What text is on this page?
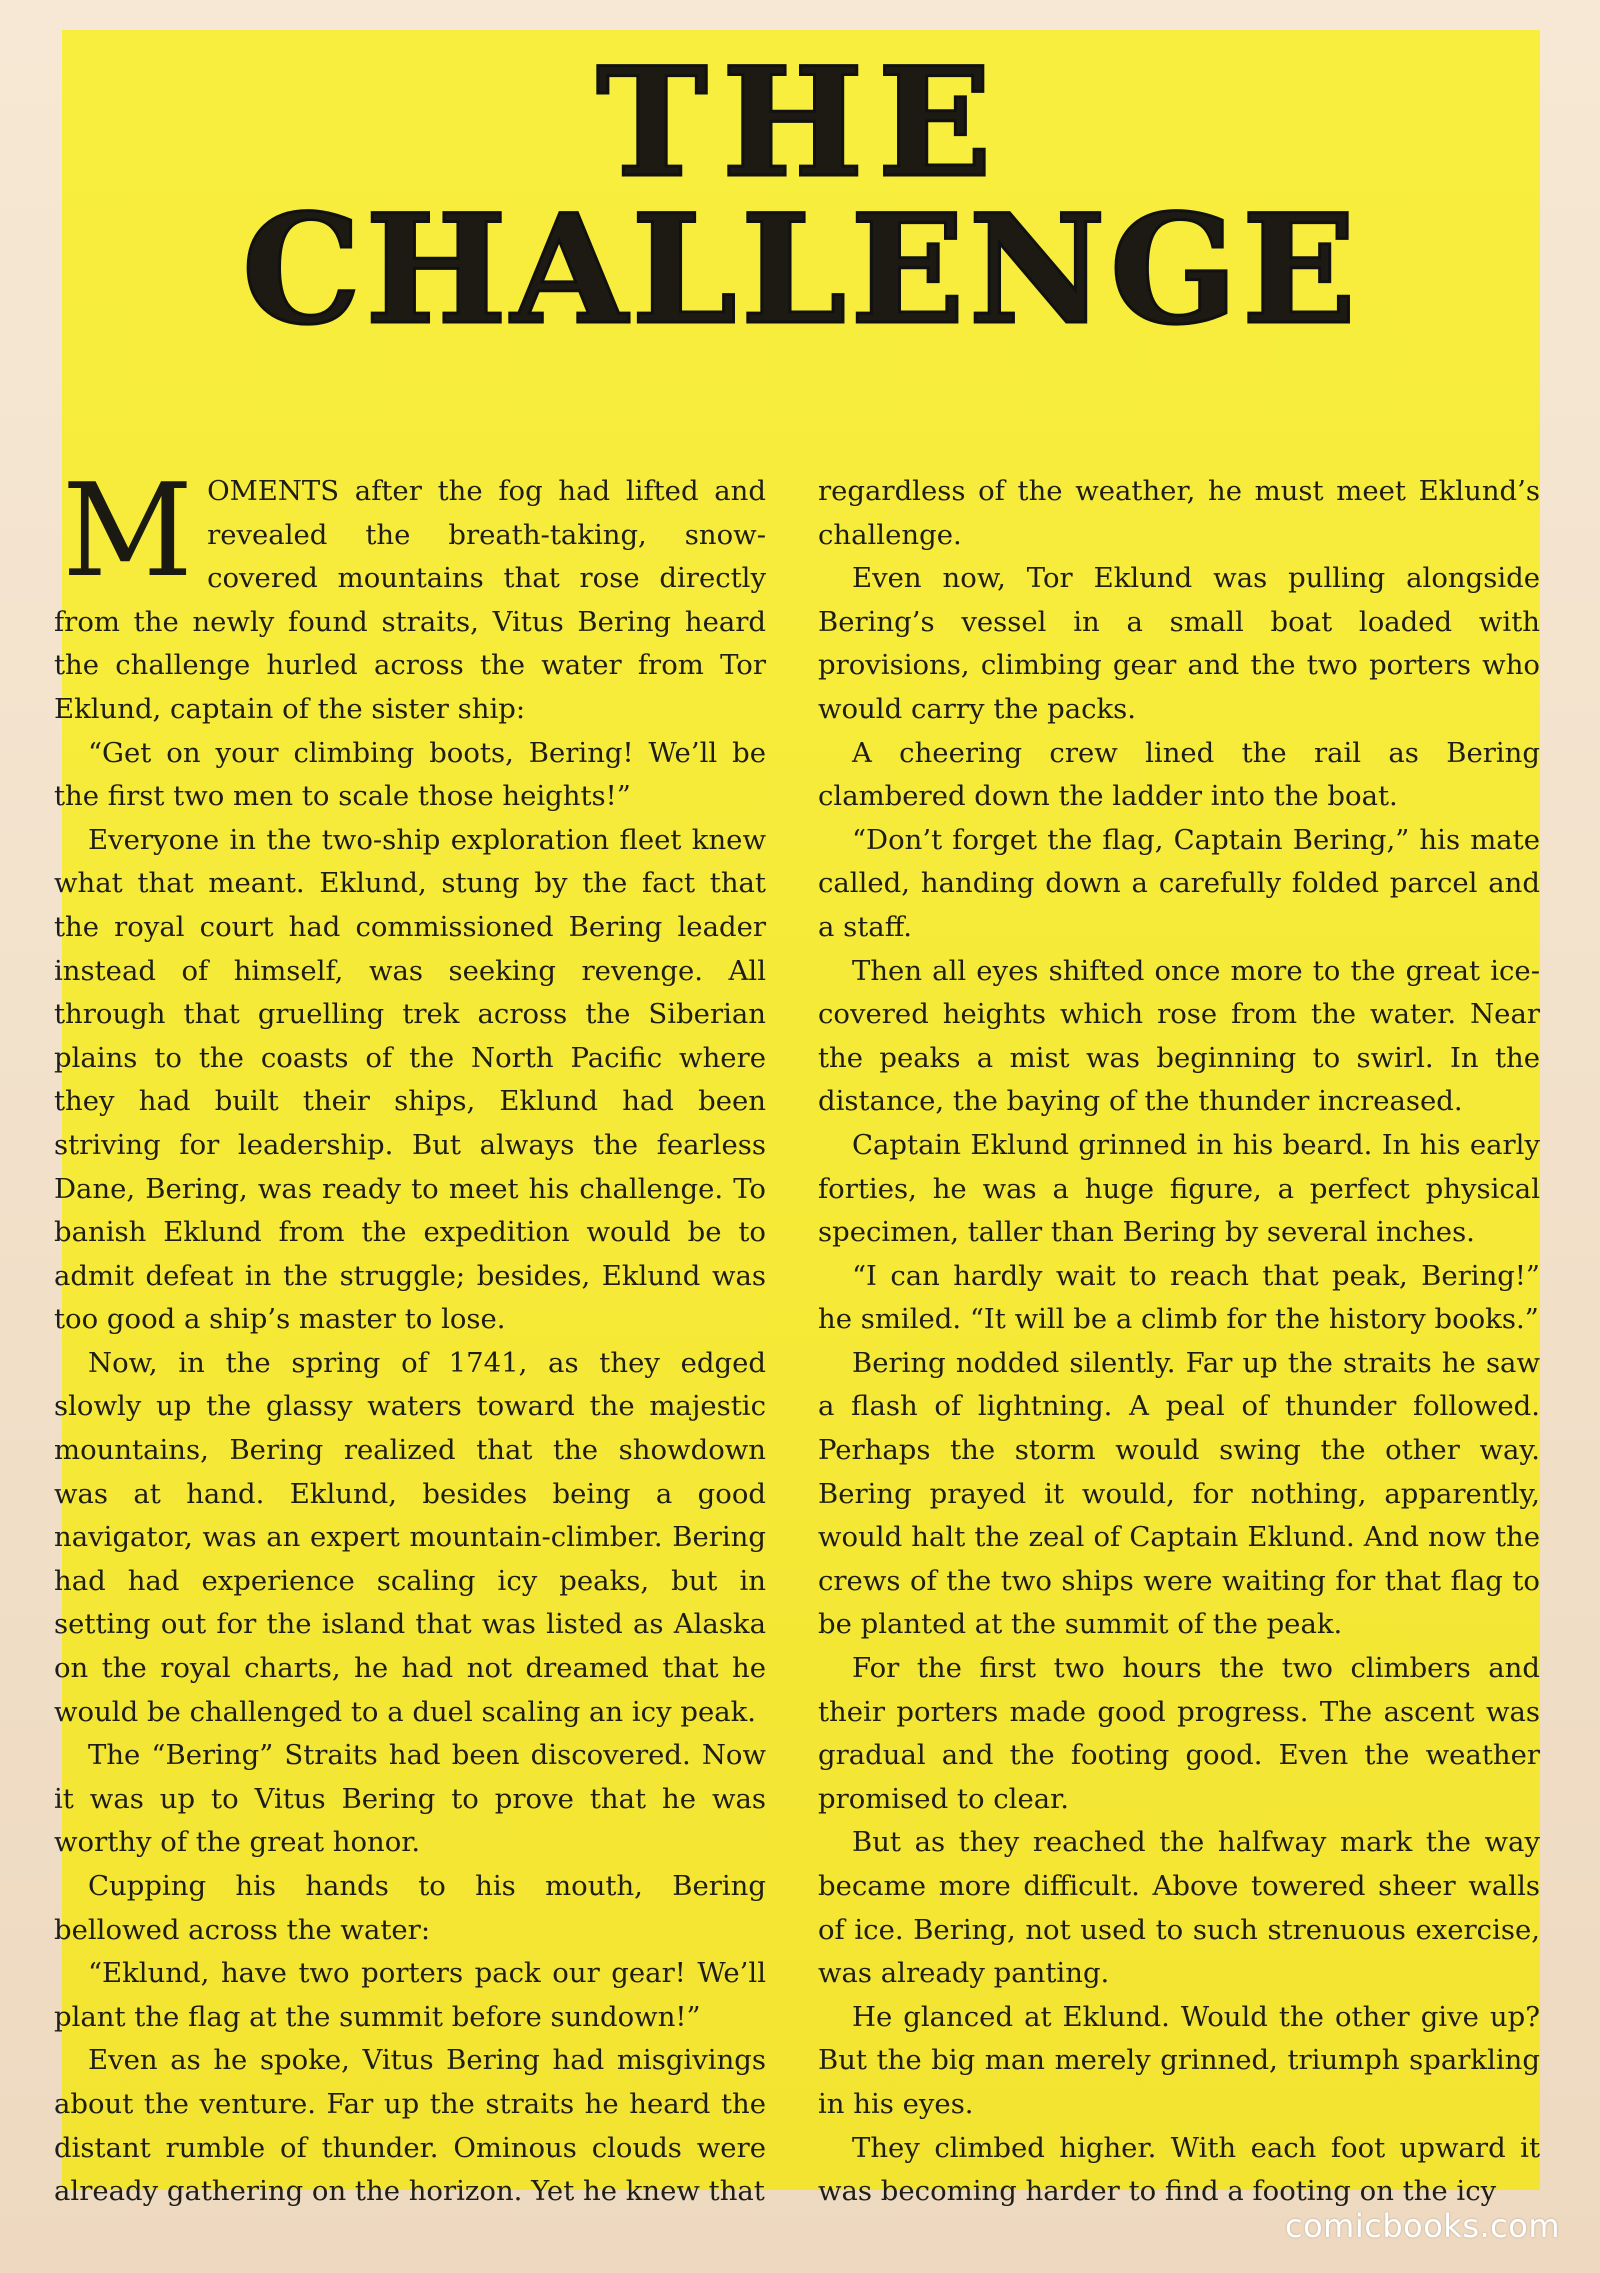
THE
CHALLENGE

MOMENTS after the fog had lifted and revealed the breath-taking, snow-covered mountains that rose directly from the newly found straits, Vitus Bering heard the challenge hurled across the water from Tor Eklund, captain of the sister ship:

“Get on your climbing boots, Bering! We’ll be the first two men to scale those heights!”

Everyone in the two-ship exploration fleet knew what that meant. Eklund, stung by the fact that the royal court had commissioned Bering leader instead of himself, was seeking revenge. All through that gruelling trek across the Siberian plains to the coasts of the North Pacific where they had built their ships, Eklund had been striving for leadership. But always the fearless Dane, Bering, was ready to meet his challenge. To banish Eklund from the expedition would be to admit defeat in the struggle; besides, Eklund was too good a ship’s master to lose.

Now, in the spring of 1741, as they edged slowly up the glassy waters toward the majestic mountains, Bering realized that the showdown was at hand. Eklund, besides being a good navigator, was an expert mountain-climber. Bering had had experience scaling icy peaks, but in setting out for the island that was listed as Alaska on the royal charts, he had not dreamed that he would be challenged to a duel scaling an icy peak.

The “Bering” Straits had been discovered. Now it was up to Vitus Bering to prove that he was worthy of the great honor.

Cupping his hands to his mouth, Bering bellowed across the water:

“Eklund, have two porters pack our gear! We’ll plant the flag at the summit before sundown!”

Even as he spoke, Vitus Bering had misgivings about the venture. Far up the straits he heard the distant rumble of thunder. Ominous clouds were already gathering on the horizon. Yet he knew that

regardless of the weather, he must meet Eklund’s challenge.

Even now, Tor Eklund was pulling alongside Bering’s vessel in a small boat loaded with provisions, climbing gear and the two porters who would carry the packs.

A cheering crew lined the rail as Bering clambered down the ladder into the boat.

“Don’t forget the flag, Captain Bering,” his mate called, handing down a carefully folded parcel and a staff.

Then all eyes shifted once more to the great ice-covered heights which rose from the water. Near the peaks a mist was beginning to swirl. In the distance, the baying of the thunder increased.

Captain Eklund grinned in his beard. In his early forties, he was a huge figure, a perfect physical specimen, taller than Bering by several inches.

“I can hardly wait to reach that peak, Bering!” he smiled. “It will be a climb for the history books.”

Bering nodded silently. Far up the straits he saw a flash of lightning. A peal of thunder followed. Perhaps the storm would swing the other way. Bering prayed it would, for nothing, apparently, would halt the zeal of Captain Eklund. And now the crews of the two ships were waiting for that flag to be planted at the summit of the peak.

For the first two hours the two climbers and their porters made good progress. The ascent was gradual and the footing good. Even the weather promised to clear.

But as they reached the halfway mark the way became more difficult. Above towered sheer walls of ice. Bering, not used to such strenuous exercise, was already panting.

He glanced at Eklund. Would the other give up? But the big man merely grinned, triumph sparkling in his eyes.

They climbed higher. With each foot upward it was becoming harder to find a footing on the icy

comicbooks.com
